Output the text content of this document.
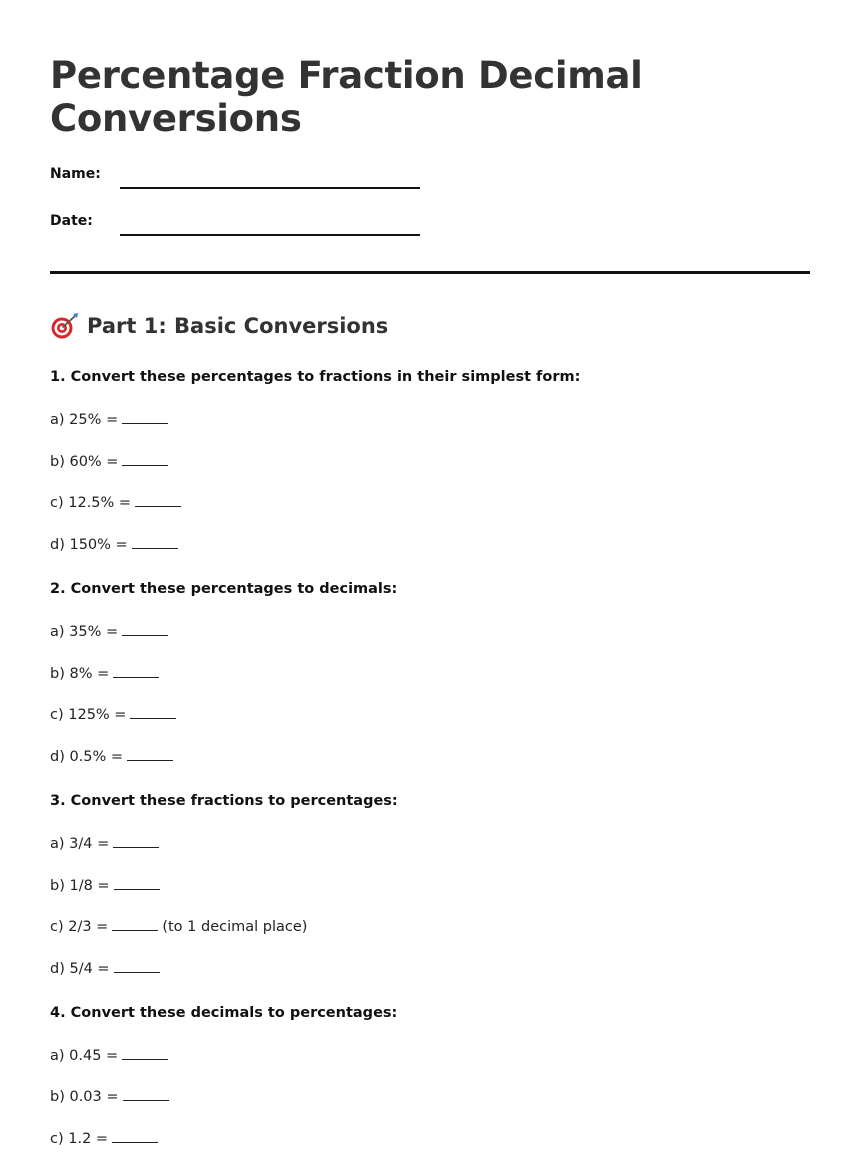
Percentage Fraction Decimal Conversions
Name:
Date:
Part 1: Basic Conversions

1. Convert these percentages to fractions in their simplest form:

a) 25% =

b) 60% =

c) 12.5% =

d) 150% =

2. Convert these percentages to decimals:

a) 35% =

b) 8% =

c) 125% =

d) 0.5% =

3. Convert these fractions to percentages:

a) 3/4 =

b) 1/8 =

c) 2/3 =	(to 1 decimal place)

d) 5/4 =

4. Convert these decimals to percentages:

a) 0.45 =

b) 0.03 =

c) 1.2 =
